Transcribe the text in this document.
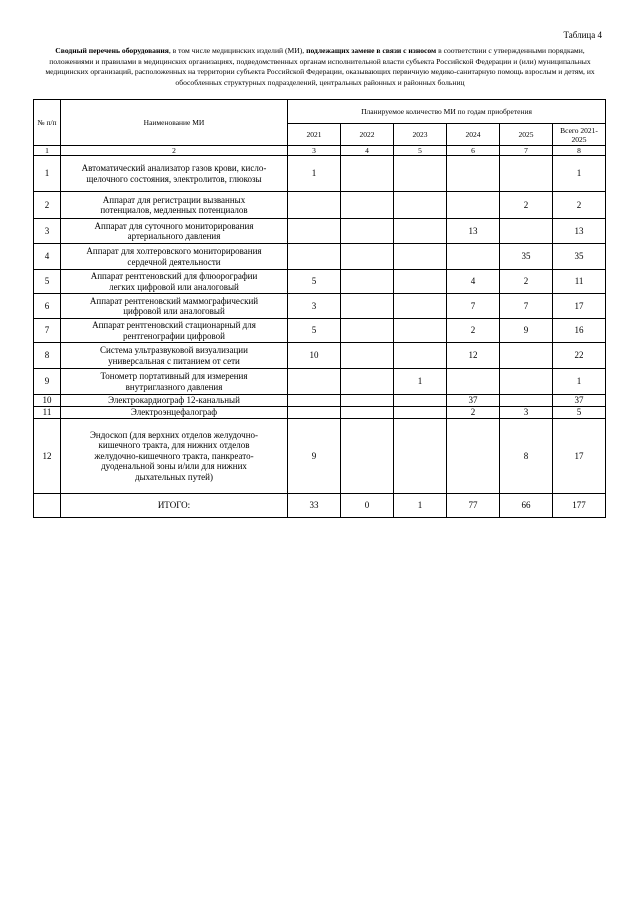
Таблица 4
Сводный перечень оборудования, в том числе медицинских изделий (МИ), подлежащих замене в связи с износом в соответствии с утвержденными порядками, положениями и правилами в медицинских организациях, подведомственных органам исполнительной власти субъекта Российской Федерации и (или) муниципальных медицинских организаций, расположенных на территории субъекта Российской Федерации, оказывающих первичную медико-санитарную помощь взрослым и детям, их обособленных структурных подразделений, центральных районных и районных больниц
№ п/п	Наименование МИ	Планируемое количество МИ по годам приобретения					
		2021	2022	2023	2024	2025	Всего 2021-2025
1	2	3	4	5	6	7	8
1	Автоматический анализатор газов крови, кисло-
щелочного состояния, электролитов, глюкозы	1					1
2	Аппарат для регистрации вызванных
потенциалов, медленных потенциалов					2	2
3	Аппарат для суточного мониторирования
артериального давления				13		13
4	Аппарат для холтеровского мониторирования
сердечной деятельности					35	35
5	Аппарат рентгеновский для флюорографии
легких цифровой или аналоговый	5			4	2	11
6	Аппарат рентгеновский маммографический
цифровой или аналоговый	3			7	7	17
7	Аппарат рентгеновский стационарный для
рентгенографии цифровой	5			2	9	16
8	Система ультразвуковой визуализации
универсальная с питанием от сети	10			12		22
9	Тонометр портативный для измерения
внутриглазного давления			1			1
10	Электрокардиограф 12-канальный				37		37
11	Электроэнцефалограф				2	3	5
12	Эндоскоп (для верхних отделов желудочно-
кишечного тракта, для нижних отделов
желудочно-кишечного тракта, панкреато-
дуоденальной зоны и/или для нижних
дыхательных путей)	9				8	17
	ИТОГО:	33	0	1	77	66	177
